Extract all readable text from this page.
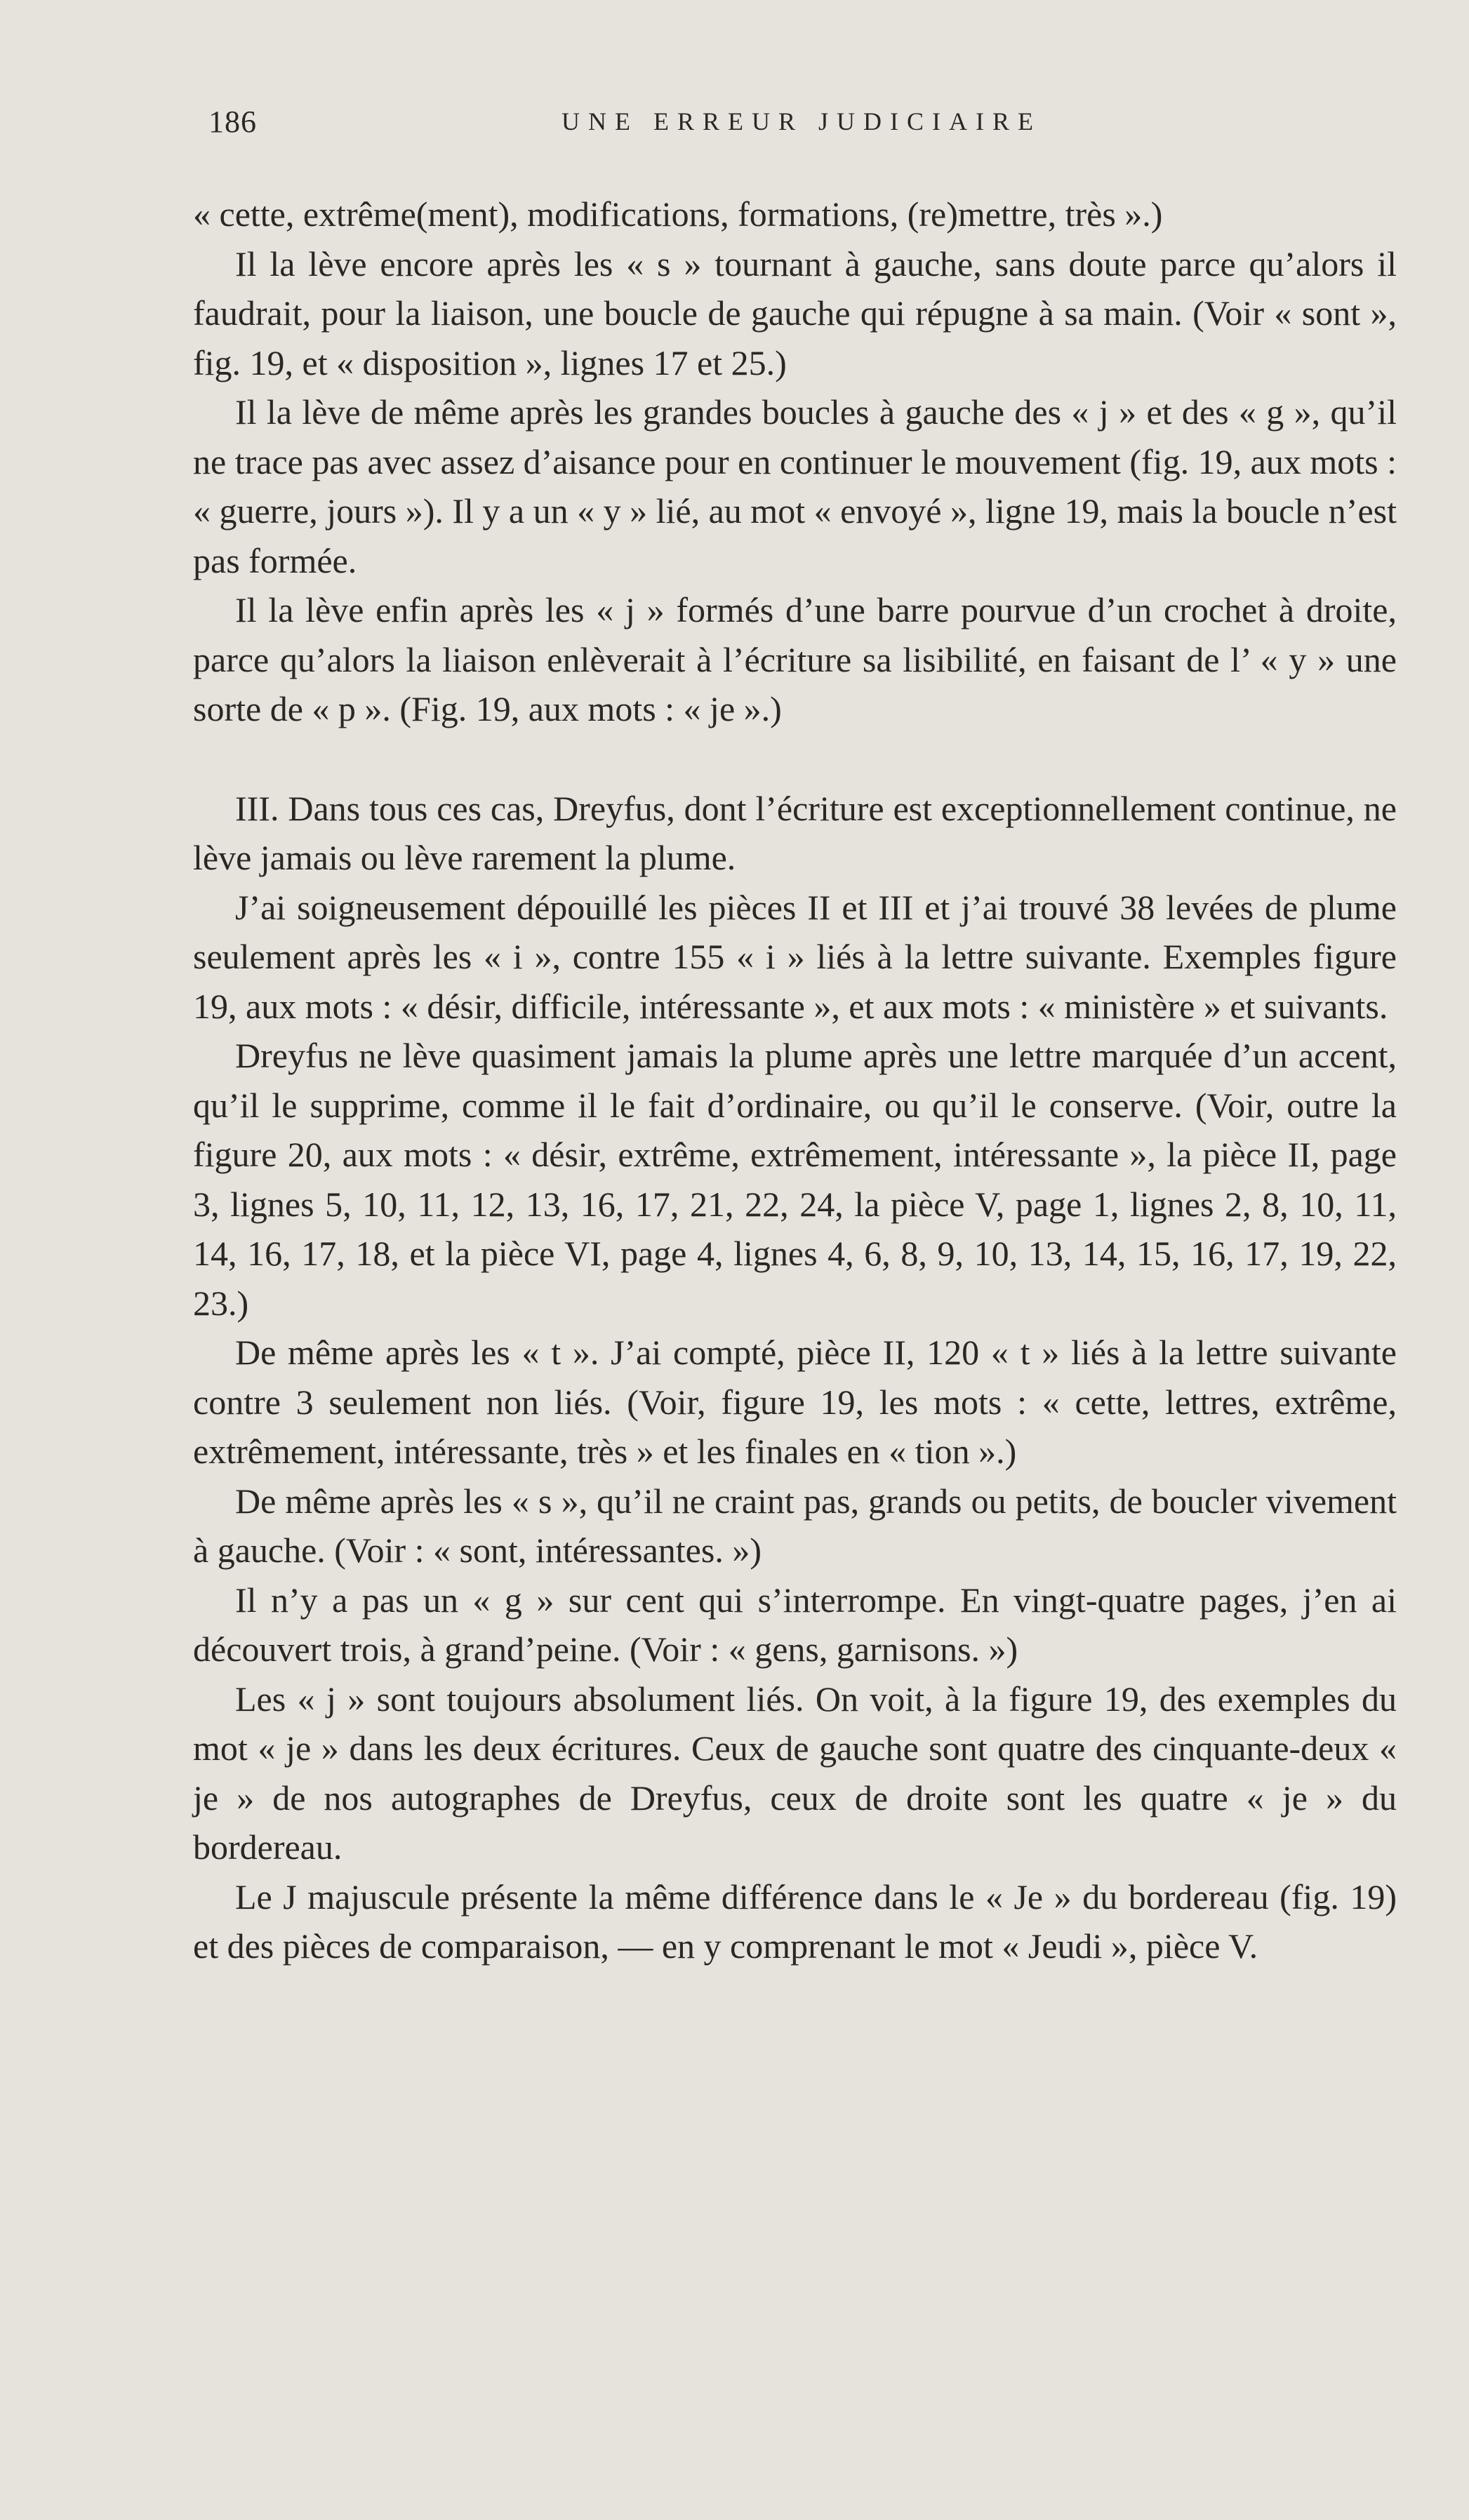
186	UNE ERREUR JUDICIAIRE

« cette, extrême(ment), modifications, formations, (re)mettre, très ».)

Il la lève encore après les « s » tournant à gauche, sans doute parce qu’alors il faudrait, pour la liaison, une boucle de gauche qui répugne à sa main. (Voir « sont », fig. 19, et « disposition », lignes 17 et 25.)

Il la lève de même après les grandes boucles à gauche des « j » et des « g », qu’il ne trace pas avec assez d’aisance pour en continuer le mouvement (fig. 19, aux mots : « guerre, jours »). Il y a un « y » lié, au mot « envoyé », ligne 19, mais la boucle n’est pas formée.

Il la lève enfin après les « j » formés d’une barre pourvue d’un crochet à droite, parce qu’alors la liaison enlèverait à l’écriture sa lisibilité, en faisant de l’ « y » une sorte de « p ». (Fig. 19, aux mots : « je ».)

III. Dans tous ces cas, Dreyfus, dont l’écriture est exceptionnellement continue, ne lève jamais ou lève rarement la plume.

J’ai soigneusement dépouillé les pièces II et III et j’ai trouvé 38 levées de plume seulement après les « i », contre 155 « i » liés à la lettre suivante. Exemples figure 19, aux mots : « désir, difficile, intéressante », et aux mots : « ministère » et suivants.

Dreyfus ne lève quasiment jamais la plume après une lettre marquée d’un accent, qu’il le supprime, comme il le fait d’ordinaire, ou qu’il le conserve. (Voir, outre la figure 20, aux mots : « désir, extrême, extrêmement, intéressante », la pièce II, page 3, lignes 5, 10, 11, 12, 13, 16, 17, 21, 22, 24, la pièce V, page 1, lignes 2, 8, 10, 11, 14, 16, 17, 18, et la pièce VI, page 4, lignes 4, 6, 8, 9, 10, 13, 14, 15, 16, 17, 19, 22, 23.)

De même après les « t ». J’ai compté, pièce II, 120 « t » liés à la lettre suivante contre 3 seulement non liés. (Voir, figure 19, les mots : « cette, lettres, extrême, extrêmement, intéressante, très » et les finales en « tion ».)

De même après les « s », qu’il ne craint pas, grands ou petits, de boucler vivement à gauche. (Voir : « sont, intéressantes. »)

Il n’y a pas un « g » sur cent qui s’interrompe. En vingt-quatre pages, j’en ai découvert trois, à grand’peine. (Voir : « gens, garnisons. »)

Les « j » sont toujours absolument liés. On voit, à la figure 19, des exemples du mot « je » dans les deux écritures. Ceux de gauche sont quatre des cinquante-deux « je » de nos autographes de Dreyfus, ceux de droite sont les quatre « je » du bordereau.

Le J majuscule présente la même différence dans le « Je » du bordereau (fig. 19) et des pièces de comparaison, — en y comprenant le mot « Jeudi », pièce V.
